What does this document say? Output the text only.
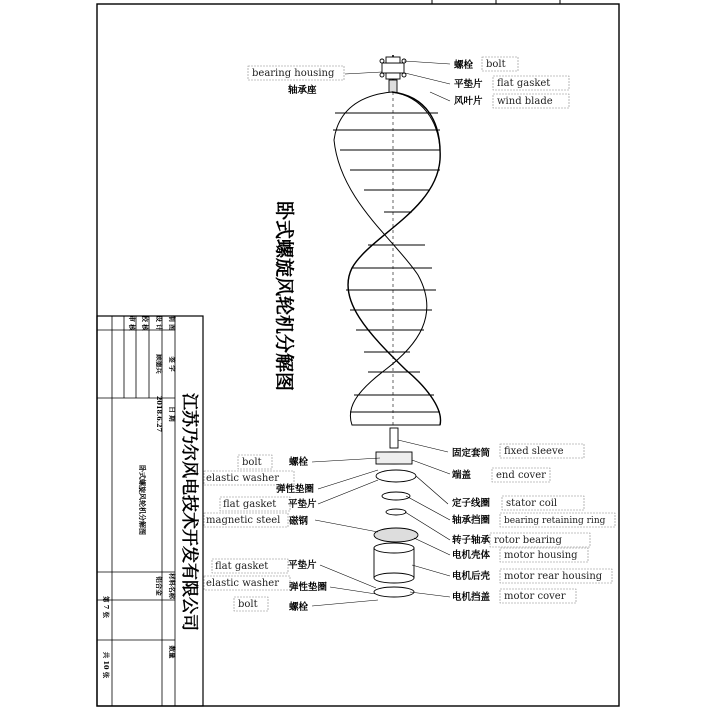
制 图
设 计
校 核
审 核
签 字
顾德兵
日 期
2018.6.27
卧式螺旋风轮机分解图
材料名称
铝合金
数量
第 7 张
共 10 张
江苏乃尔风电技术开发有限公司
卧式螺旋风轮机分解图
螺栓 bolt
平垫片 flat gasket
风叶片 wind blade
固定套筒 fixed sleeve
端盖 end cover
定子线圈 stator coil
轴承挡圈 bearing retaining ring
转子轴承 rotor bearing
电机壳体 motor housing
电机后壳 motor rear housing
电机挡盖 motor cover
bearing housing
轴承座
bolt	螺栓
elastic washer
弹性垫圈
flat gasket 平垫片
magnetic steel 磁钢
flat gasket 平垫片
elastic washer 弹性垫圈
bolt	螺栓
